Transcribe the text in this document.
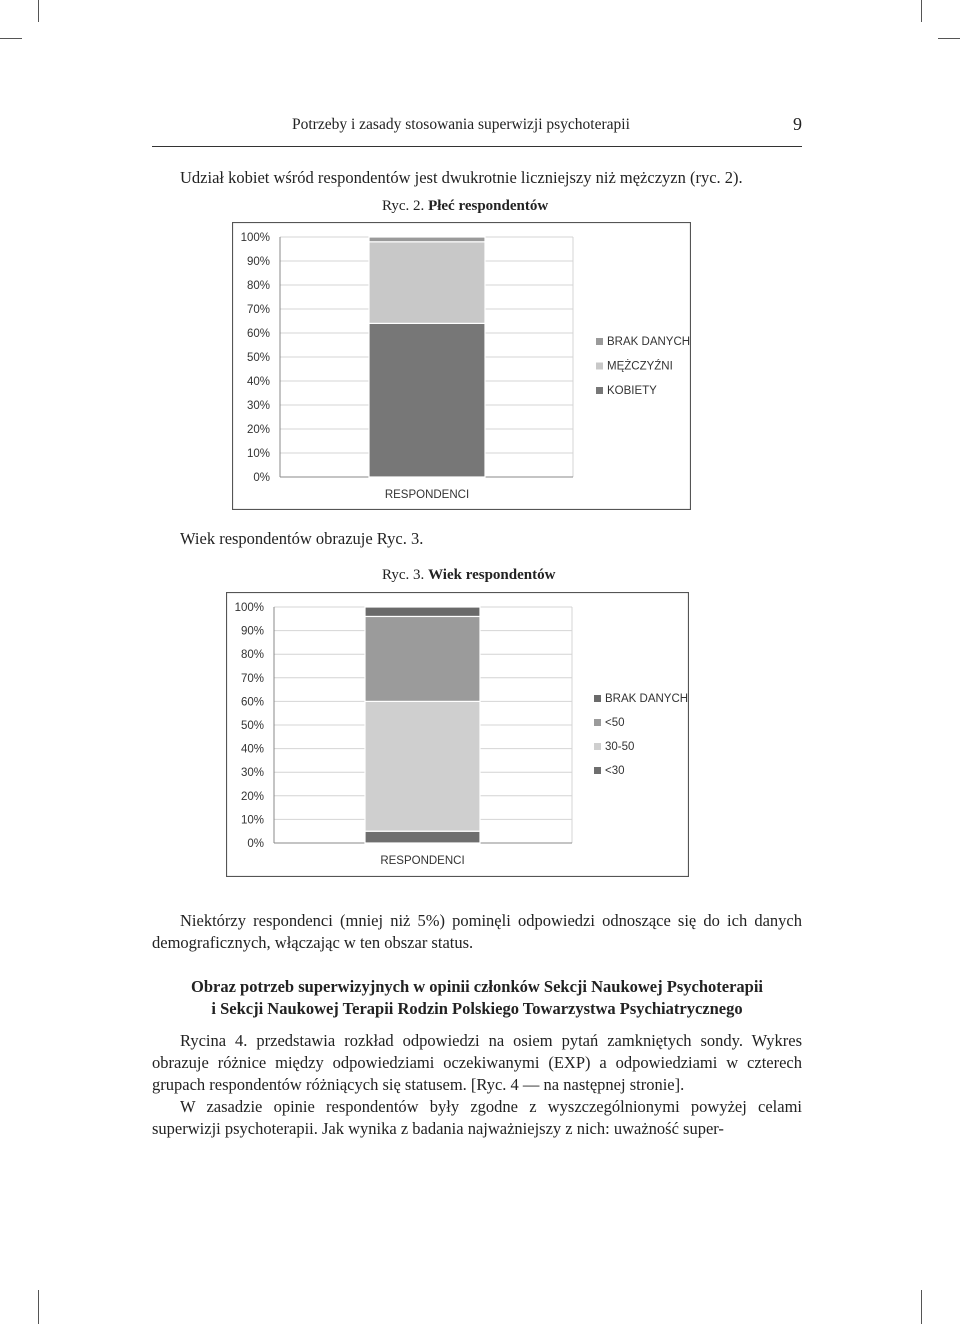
Potrzeby i zasady stosowania superwizji psychoterapii	9
Udział kobiet wśród respondentów jest dwukrotnie liczniejszy niż mężczyzn (ryc. 2).
Ryc. 2. Płeć respondentów
0%
10%
20%
30%
40%
50%
60%
70%
80%
90%
100%
RESPONDENCI
BRAK DANYCH
MĘŻCZYŹNI
KOBIETY
Wiek respondentów obrazuje Ryc. 3.
Ryc. 3. Wiek respondentów
0%
10%
20%
30%
40%
50%
60%
70%
80%
90%
100%
RESPONDENCI
BRAK DANYCH
<50
30-50
<30
Niektórzy respondenci (mniej niż 5%) pominęli odpowiedzi odnoszące się do ich danych demograficznych, włączając w ten obszar status.
Obraz potrzeb superwizyjnych w opinii członków Sekcji Naukowej Psychoterapii
i Sekcji Naukowej Terapii Rodzin Polskiego Towarzystwa Psychiatrycznego
Rycina 4. przedstawia rozkład odpowiedzi na osiem pytań zamkniętych sondy. Wykres obrazuje różnice między odpowiedziami oczekiwanymi (EXP) a odpowiedziami w czterech grupach respondentów różniących się statusem. [Ryc. 4 — na następnej stronie].
W zasadzie opinie respondentów były zgodne z wyszczególnionymi powyżej celami superwizji psychoterapii. Jak wynika z badania najważniejszy z nich: uważność super-
